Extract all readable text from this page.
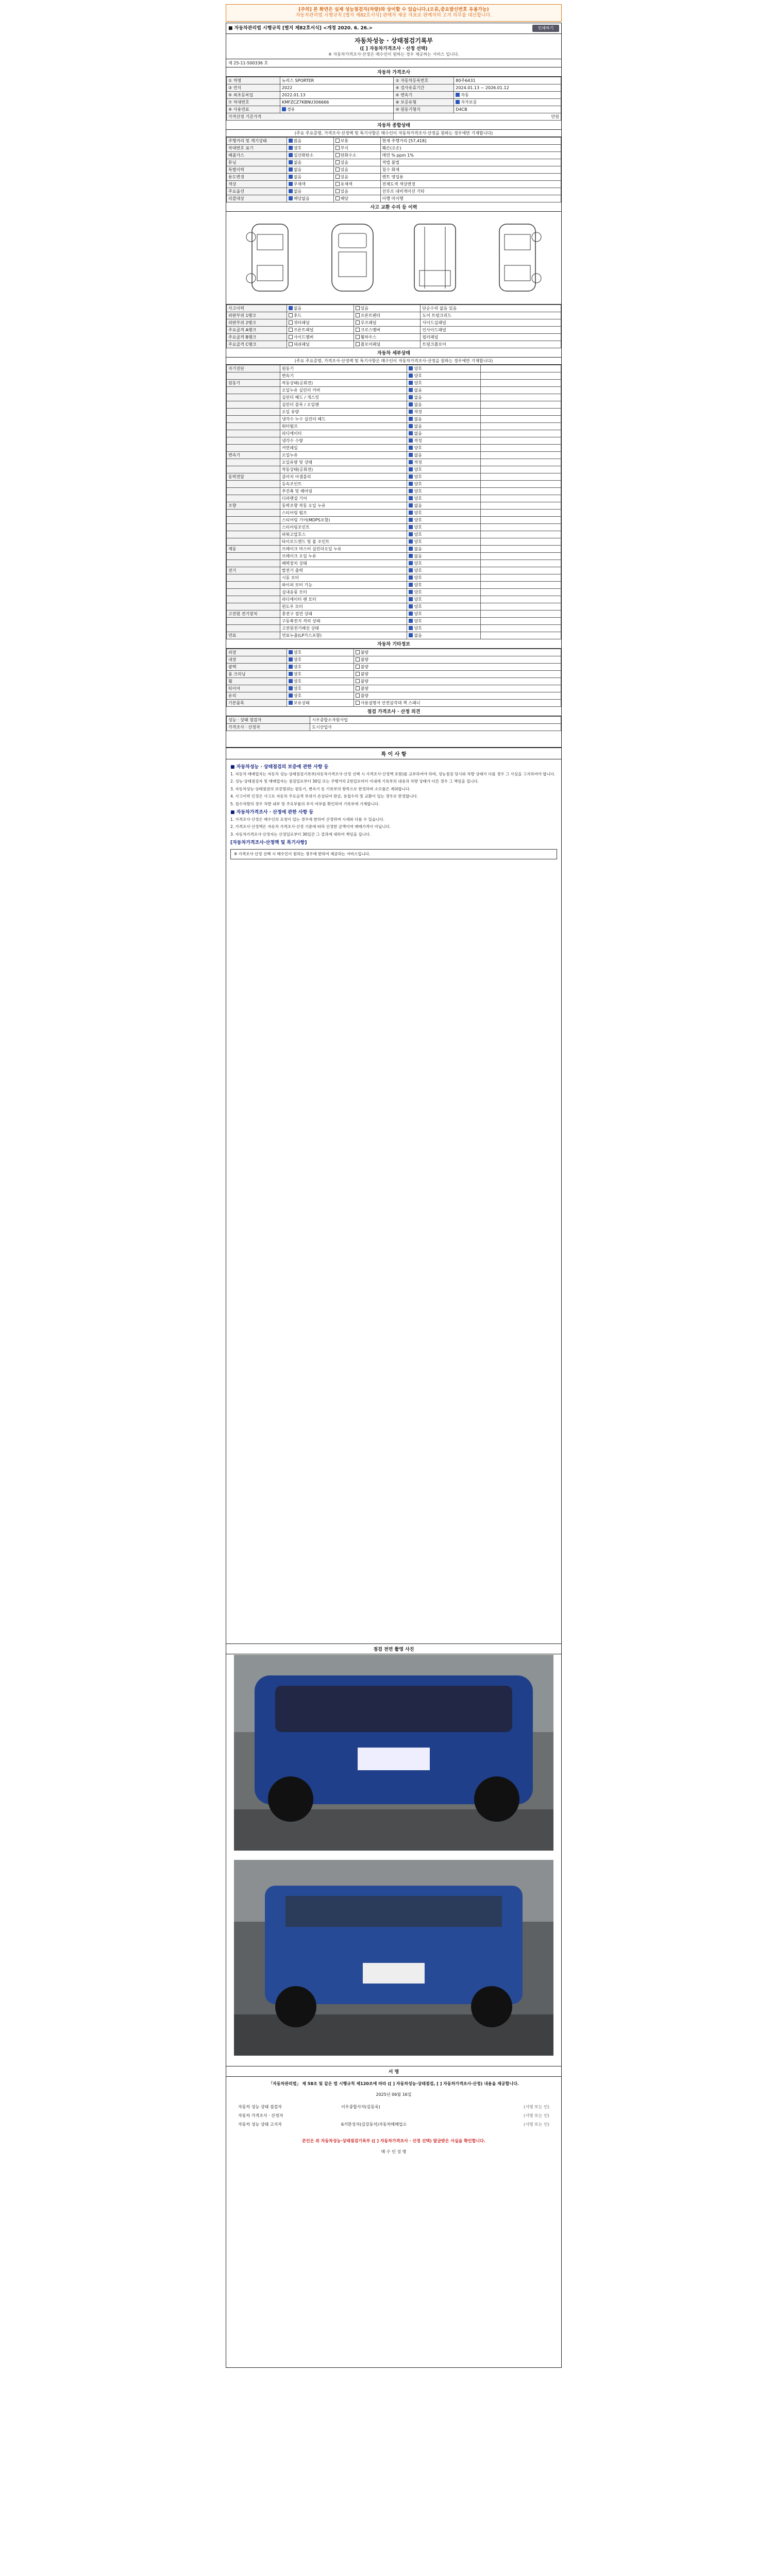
[주의] 본 화면은 실제 성능점검지(차량)와 상이할 수 있습니다.(오류,중요발신번호 유용가능)
자동차관리법 시행규칙 [별지 제82호서식] 판매자 제공 자료로 판매자의 고지 의무를 대신합니다.
■ 자동차관리법 시행규칙 [별지 제82호서식] <개정 2020. 6. 26.>	인쇄하기
자동차성능 · 상태점검기록부
([ ] 자동차가격조사 · 산정 선택)
※ 자동차가격조사·산정은 매수인이 원하는 경우 제공하는 서비스 입니다.
제 25-11-500336 호
자동차 가격조사
① 차명	뉴리스 SPORTER	② 자동차등록번호	80주6431
③ 연식	2022	④ 검사유효기간	2024.01.13 ~ 2026.01.12
⑤ 최초등록일	2022.01.13	⑥ 변속기	자동
⑦ 차대번호	KMFZCZ7KBNU306666	⑧ 보증유형	자가보증
⑨ 사용연료	경유	⑩ 원동기형식	D4CB
가격산정 기준가격		만원	
자동차 종합상태
(주요 주요증명, 가격조사·산정액 및 특기사항은 매수인이 자동차가격조사·산정을 원하는 경우에만 기재합니다)
주행거리 및 계기상태	많음	보통	현재 주행거리 [57,418]
차대번호 표기	양호	부식	훼손(오손)
배출가스	일산화탄소	탄화수소	매연 % ppm 1%
튜닝	없음	있음	적법 불법
특별이력	없음	있음	침수 화재
용도변경	없음	있음	렌트 영업용
색상	무채색	유채색	전체도색 색상변경
주요옵션	없음	있음	선루프 내비게이션 기타
리콜대상	해당없음	해당	이행 미이행
사고 교환 수리 등 이력
사고이력	없음	있음	단순수리 없음 있음
외판부위 1랭크	후드	프론트펜더	도어 트렁크리드
외판부위 2랭크	쿼터패널	루프패널	사이드실패널
주요골격 A랭크	프론트패널	크로스멤버	인사이드패널
주요골격 B랭크	사이드멤버	휠하우스	필러패널
주요골격 C랭크	대쉬패널	플로어패널	트렁크플로어
자동차 세부상태
(주요 주요증명, 가격조사·산정액 및 특기사항은 매수인이 자동차가격조사·산정을 원하는 경우에만 기재합니다)
자기진단	원동기	양호	
	변속기	양호	
원동기	작동상태(공회전)	양호	
	오일누유 실린더 커버	없음	
	실린더 헤드 / 개스킷	없음	
	실린더 블록 / 오일팬	없음	
	오일 유량	적정	
	냉각수 누수 실린더 헤드	없음	
	워터펌프	없음	
	라디에이터	없음	
	냉각수 수량	적정	
	커먼레일	양호	
변속기	오일누유	없음	
	오일유량 및 상태	적정	
	작동상태(공회전)	양호	
동력전달	클러치 어셈블리	양호	
	등속조인트	양호	
	추진축 및 베어링	양호	
	디퍼렌셜 기어	양호	
조향	동력조향 작동 오일 누유	없음	
	스티어링 펌프	양호	
	스티어링 기어(MDPS포함)	양호	
	스티어링조인트	양호	
	파워고압호스	양호	
	타이로드엔드 및 볼 조인트	양호	
제동	브레이크 마스터 실린더오일 누유	없음	
	브레이크 오일 누유	없음	
	배력장치 상태	양호	
전기	발전기 출력	양호	
	시동 모터	양호	
	와이퍼 모터 기능	양호	
	실내송풍 모터	양호	
	라디에이터 팬 모터	양호	
	윈도우 모터	양호	
고전원 전기장치	충전구 절연 상태	양호	
	구동축전지 격리 상태	양호	
	고전원전기배선 상태	양호	
연료	연료누출(LP가스포함)	없음	
자동차 기타정보
외장	양호	불량
내장	양호	불량
광택	양호	불량
룸 크리닝	양호	불량
휠	양호	불량
타이어	양호	불량
유리	양호	불량
기본품목	보유상태	사용설명서 안전삼각대 잭 스패너
점검 가격조사 · 산정 의견
성능 · 상태 점검자	시우중합소자원사업
가격조사 · 산정자	도시산업사
특 이 사 항
■ 자동차성능 · 상태점검의 보증에 관한 사항 등
1. 자동차 매매업자는 자동차 성능·상태점검기록부(자동차가격조사·산정 선택 시 가격조사·산정액 포함)를 교부하여야 하며, 성능점검 당시와 차량 상태가 다를 경우 그 사실을 고지하여야 합니다.
2. 성능·상태점검자 및 매매업자는 점검일로부터 30일 또는 주행거리 2천킬로미터 이내에 기록부의 내용과 차량 상태가 다른 경우 그 책임을 집니다.
3. 자동차성능·상태점검의 보증범위는 원동기, 변속기 등 기록부의 항목으로 한정하며 소모품은 제외합니다.
4. 사고이력 인정은 사고로 자동차 주요골격 부위가 손상되어 판금, 용접수리 및 교환이 있는 경우로 한정합니다.
5. 침수차량의 경우 차량 내부 및 주요부품의 부식 여부를 확인하여 기록부에 기재합니다.
■ 자동차가격조사 · 산정에 관한 사항 등
1. 가격조사·산정은 매수인의 요청이 있는 경우에 한하여 산정하며 시세와 다를 수 있습니다.
2. 가격조사·산정액은 자동차 가격조사·산정 기준에 따라 산정한 금액이며 매매가격이 아닙니다.
3. 자동차가격조사·산정자는 산정일로부터 30일간 그 결과에 대하여 책임을 집니다.
[자동차가격조사·산정액 및 특기사항]
※ 가격조사·산정 선택 시 매수인이 원하는 경우에 한하여 제공하는 서비스입니다.
점검 전면 촬영 사진
서 명
「자동차관리법」 제 58조 및 같은 법 시행규칙 제120조에 따라 ([ ] 자동차성능·상태점검, [ ] 자동차가격조사·산정) 내용을 제공합니다.
2025년 06월 16일
자동차 성능 상태 점검자	이우중합사자(김동욱)	(서명 또는 인)
자동차 가격조사 · 산정자	(서명 또는 인)
자동차 성능 상태 고지자	6거한성자(김강동석)자동차매매업소	(서명 또는 인)
본인은 위 자동차성능·상태점검기록부 ([ ] 자동차가격조사 · 산정 선택) 발급받은 사실을 확인합니다.
매 수 인 성 명
